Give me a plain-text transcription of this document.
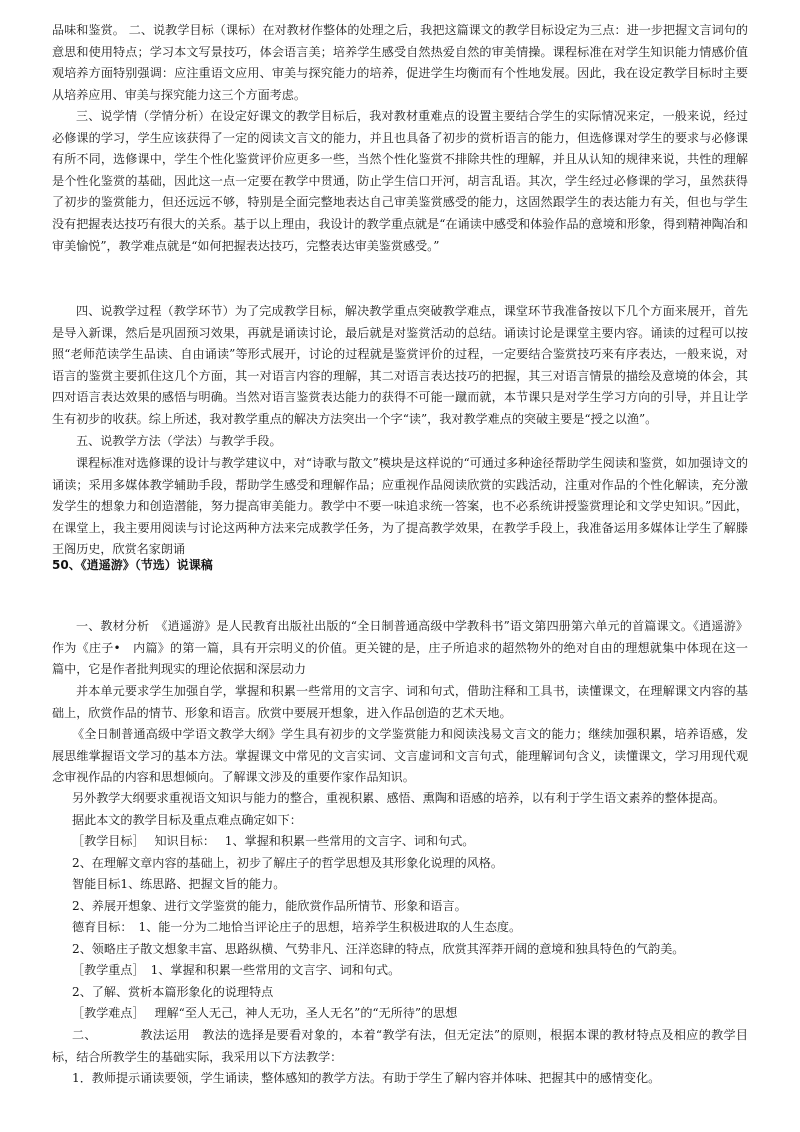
品味和鉴赏。 二、说教学目标（课标）在对教材作整体的处理之后，我把这篇课文的教学目标设定为三点：进一步把握文言词句的意思和使用特点；学习本文写景技巧，体会语言美；培养学生感受自然热爱自然的审美情操。课程标准在对学生知识能力情感价值观培养方面特别强调：应注重语文应用、审美与探究能力的培养，促进学生均衡而有个性地发展。因此，我在设定教学目标时主要从培养应用、审美与探究能力这三个方面考虑。

三、说学情（学情分析）在设定好课文的教学目标后，我对教材重难点的设置主要结合学生的实际情况来定，一般来说，经过必修课的学习，学生应该获得了一定的阅读文言文的能力，并且也具备了初步的赏析语言的能力，但选修课对学生的要求与必修课有所不同，选修课中，学生个性化鉴赏评价应更多一些，当然个性化鉴赏不排除共性的理解，并且从认知的规律来说，共性的理解是个性化鉴赏的基础，因此这一点一定要在教学中贯通，防止学生信口开河，胡言乱语。其次，学生经过必修课的学习，虽然获得了初步的鉴赏能力，但还远远不够，特别是全面完整地表达自己审美鉴赏感受的能力，这固然跟学生的表达能力有关，但也与学生没有把握表达技巧有很大的关系。基于以上理由，我设计的教学重点就是“在诵读中感受和体验作品的意境和形象，得到精神陶冶和审美愉悦”，教学难点就是“如何把握表达技巧，完整表达审美鉴赏感受。”

四、说教学过程（教学环节）为了完成教学目标，解决教学重点突破教学难点，课堂环节我准备按以下几个方面来展开，首先是导入新课，然后是巩固预习效果，再就是诵读讨论，最后就是对鉴赏活动的总结。诵读讨论是课堂主要内容。诵读的过程可以按照“老师范读学生品读、自由诵读”等形式展开，讨论的过程就是鉴赏评价的过程，一定要结合鉴赏技巧来有序表达，一般来说，对语言的鉴赏主要抓住这几个方面，其一对语言内容的理解，其二对语言表达技巧的把握，其三对语言情景的描绘及意境的体会，其四对语言表达效果的感悟与明确。当然对语言鉴赏表达能力的获得不可能一蹴而就，本节课只是对学生学习方向的引导，并且让学生有初步的收获。综上所述，我对教学重点的解决方法突出一个字“读”，我对教学难点的突破主要是“授之以渔”。

五、说教学方法（学法）与教学手段。

课程标准对选修课的设计与教学建议中，对“诗歌与散文”模块是这样说的“可通过多种途径帮助学生阅读和鉴赏，如加强诗文的诵读；采用多媒体教学辅助手段，帮助学生感受和理解作品；应重视作品阅读欣赏的实践活动，注重对作品的个性化解读，充分激发学生的想象力和创造潜能，努力提高审美能力。教学中不要一味追求统一答案，也不必系统讲授鉴赏理论和文学史知识。”因此，在课堂上，我主要用阅读与讨论这两种方法来完成教学任务，为了提高教学效果，在教学手段上，我准备运用多媒体让学生了解滕王阁历史，欣赏名家朗诵

50、《逍遥游》（节选）说课稿

一、教材分析　《逍遥游》是人民教育出版社出版的“全日制普通高级中学教科书”语文第四册第六单元的首篇课文。《逍遥游》作为《庄子•　内篇》的第一篇，具有开宗明义的价值。更关键的是，庄子所追求的超然物外的绝对自由的理想就集中体现在这一篇中，它是作者批判现实的理论依据和深层动力

并本单元要求学生加强自学，掌握和积累一些常用的文言字、词和句式，借助注释和工具书，读懂课文，在理解课文内容的基础上，欣赏作品的情节、形象和语言。欣赏中要展开想象，进入作品创造的艺术天地。

《全日制普通高级中学语文教学大纲》学生具有初步的文学鉴赏能力和阅读浅易文言文的能力；继续加强积累，培养语感，发展思维掌握语文学习的基本方法。掌握课文中常见的文言实词、文言虚词和文言句式，能理解词句含义，读懂课文，学习用现代观念审视作品的内容和思想倾向。了解课文涉及的重要作家作品知识。

另外教学大纲要求重视语文知识与能力的整合，重视积累、感悟、熏陶和语感的培养，以有利于学生语文素养的整体提高。

据此本文的教学目标及重点难点确定如下：

［教学目标］　 知识目标：　 1、掌握和积累一些常用的文言字、词和句式。

2、在理解文章内容的基础上，初步了解庄子的哲学思想及其形象化说理的风格。

智能目标1、练思路、把握文旨的能力。

2、养展开想象、进行文学鉴赏的能力，能欣赏作品所情节、形象和语言。

德育目标：　1、能一分为二地恰当评论庄子的思想，培养学生积极进取的人生态度。

2、领略庄子散文想象丰富、思路纵横、气势非凡、汪洋恣肆的特点，欣赏其浑莽开阔的意境和独具特色的气韵美。

［教学重点］　1、掌握和积累一些常用的文言字、词和句式。

2、了解、赏析本篇形象化的说理特点

［教学难点］　 理解“至人无己，神人无功，圣人无名”的“无所待”的思想

二、　　　　教法运用　教法的选择是要看对象的，本着“教学有法，但无定法”的原则，根据本课的教材特点及相应的教学目标，结合所教学生的基础实际，我采用以下方法教学：

1．教师提示诵读要领，学生诵读，整体感知的教学方法。有助于学生了解内容并体味、把握其中的感情变化。
